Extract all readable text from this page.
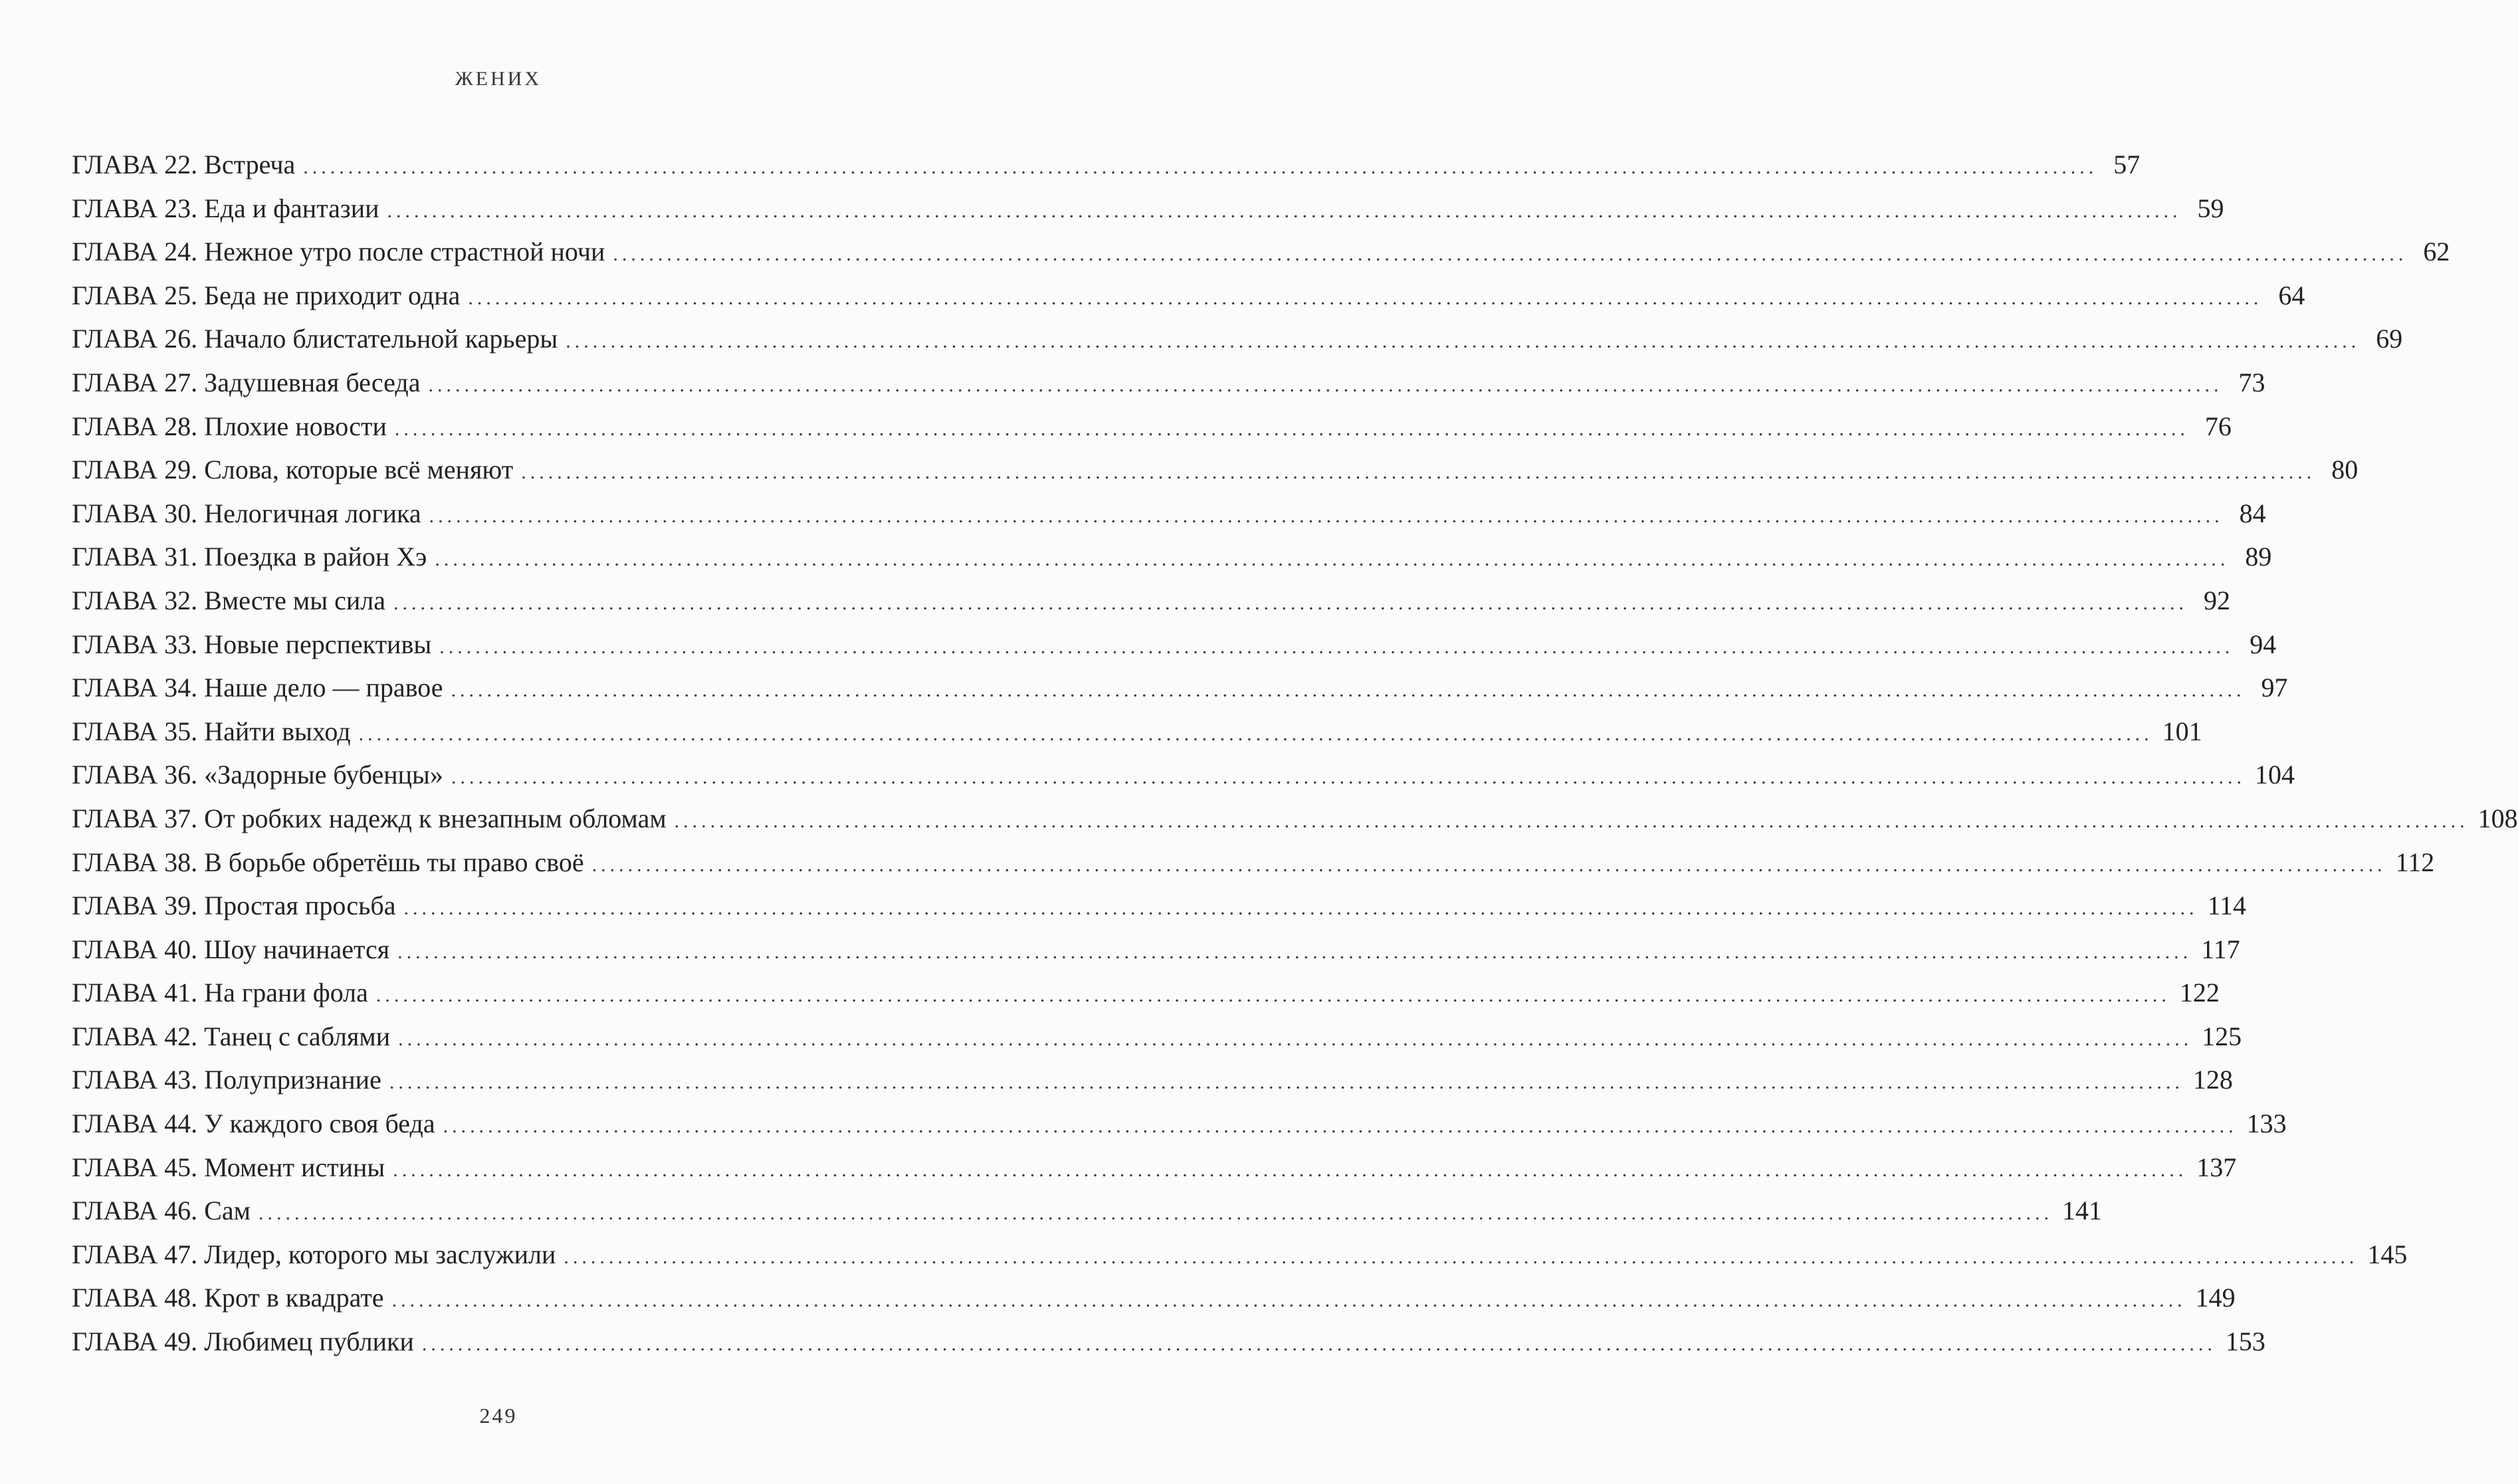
ЖЕНИХ
ГЛАВА 22. Встреча ........................................................................................................................................................................................................ 57
ГЛАВА 23. Еда и фантазии ........................................................................................................................................................................................................ 59
ГЛАВА 24. Нежное утро после страстной ночи ........................................................................................................................................................................................................ 62
ГЛАВА 25. Беда не приходит одна ........................................................................................................................................................................................................ 64
ГЛАВА 26. Начало блистательной карьеры ........................................................................................................................................................................................................ 69
ГЛАВА 27. Задушевная беседа ........................................................................................................................................................................................................ 73
ГЛАВА 28. Плохие новости ........................................................................................................................................................................................................ 76
ГЛАВА 29. Слова, которые всё меняют ........................................................................................................................................................................................................ 80
ГЛАВА 30. Нелогичная логика ........................................................................................................................................................................................................ 84
ГЛАВА 31. Поездка в район Хэ ........................................................................................................................................................................................................ 89
ГЛАВА 32. Вместе мы сила ........................................................................................................................................................................................................ 92
ГЛАВА 33. Новые перспективы ........................................................................................................................................................................................................ 94
ГЛАВА 34. Наше дело — правое ........................................................................................................................................................................................................ 97
ГЛАВА 35. Найти выход ........................................................................................................................................................................................................ 101
ГЛАВА 36. «Задорные бубенцы» ........................................................................................................................................................................................................ 104
ГЛАВА 37. От робких надежд к внезапным обломам ........................................................................................................................................................................................................ 108
ГЛАВА 38. В борьбе обретёшь ты право своё ........................................................................................................................................................................................................ 112
ГЛАВА 39. Простая просьба ........................................................................................................................................................................................................ 114
ГЛАВА 40. Шоу начинается ........................................................................................................................................................................................................ 117
ГЛАВА 41. На грани фола ........................................................................................................................................................................................................ 122
ГЛАВА 42. Танец с саблями ........................................................................................................................................................................................................ 125
ГЛАВА 43. Полупризнание ........................................................................................................................................................................................................ 128
ГЛАВА 44. У каждого своя беда ........................................................................................................................................................................................................ 133
ГЛАВА 45. Момент истины ........................................................................................................................................................................................................ 137
ГЛАВА 46. Сам ........................................................................................................................................................................................................ 141
ГЛАВА 47. Лидер, которого мы заслужили ........................................................................................................................................................................................................ 145
ГЛАВА 48. Крот в квадрате ........................................................................................................................................................................................................ 149
ГЛАВА 49. Любимец публики ........................................................................................................................................................................................................ 153
249
